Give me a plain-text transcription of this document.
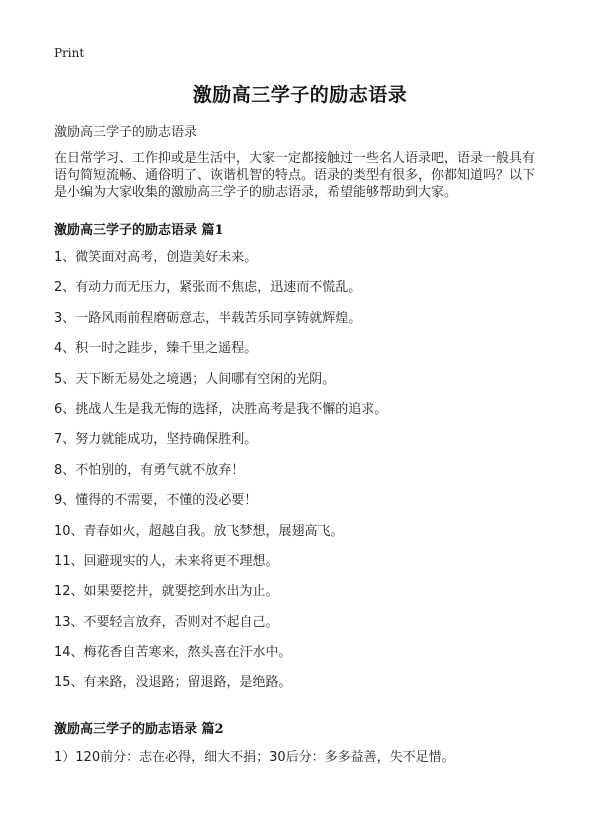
Print
激励高三学子的励志语录
激励高三学子的励志语录
在日常学习、工作抑或是生活中，大家一定都接触过一些名人语录吧，语录一般具有语句简短流畅、通俗明了、诙谐机智的特点。语录的类型有很多，你都知道吗？以下是小编为大家收集的激励高三学子的励志语录，希望能够帮助到大家。
激励高三学子的励志语录 篇1
1、微笑面对高考，创造美好未来。
2、有动力而无压力，紧张而不焦虑，迅速而不慌乱。
3、一路风雨前程磨砺意志，半载苦乐同享铸就辉煌。
4、积一时之跬步，臻千里之遥程。
5、天下断无易处之境遇；人间哪有空闲的光阴。
6、挑战人生是我无悔的选择，决胜高考是我不懈的追求。
7、努力就能成功，坚持确保胜利。
8、不怕别的，有勇气就不放弃！
9、懂得的不需要，不懂的没必要！
10、青春如火，超越自我。放飞梦想，展翅高飞。
11、回避现实的人，未来将更不理想。
12、如果要挖井，就要挖到水出为止。
13、不要轻言放弃，否则对不起自己。
14、梅花香自苦寒来，熬头喜在汗水中。
15、有来路，没退路；留退路，是绝路。
激励高三学子的励志语录 篇2
1）120前分：志在必得，细大不捐；30后分：多多益善，失不足惜。
